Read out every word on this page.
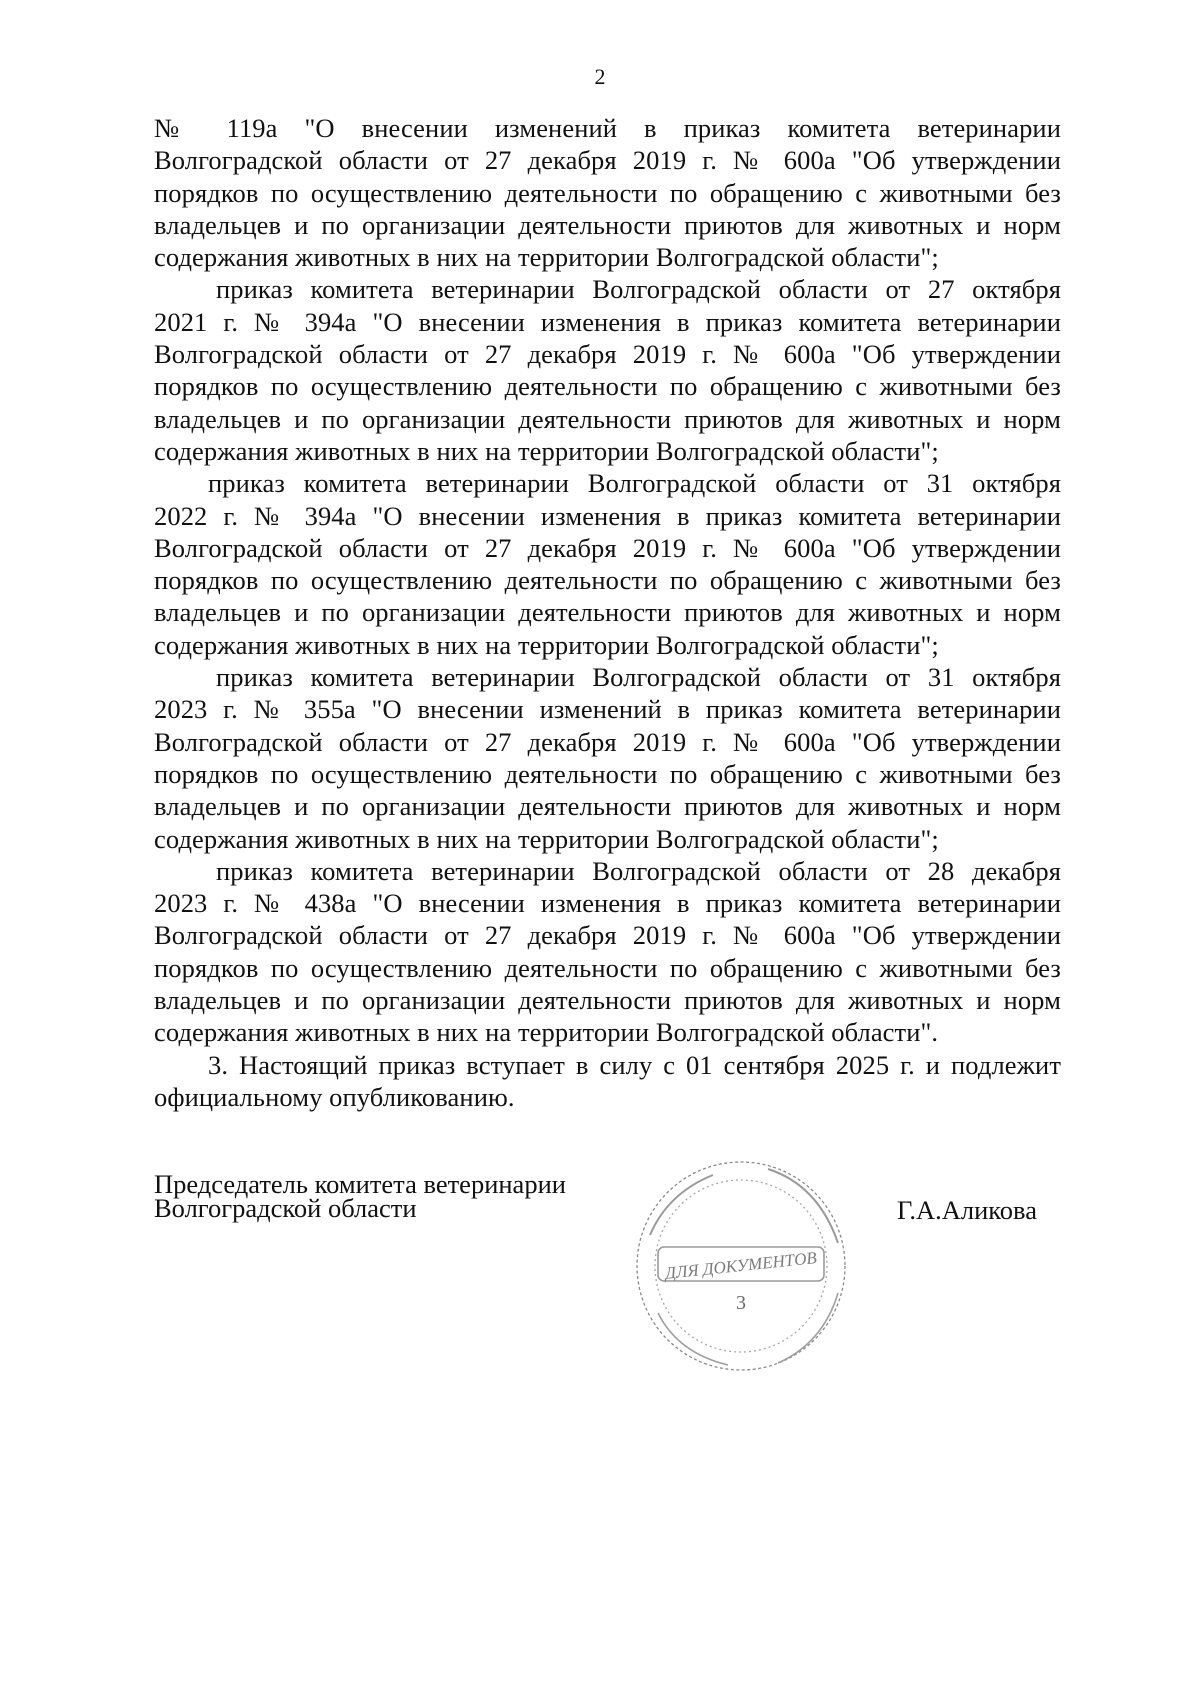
2

№ 119а "О внесении изменений в приказ комитета ветеринарии

Волгоградской области от 27 декабря 2019 г. № 600а "Об утверждении

порядков по осуществлению деятельности по обращению с животными без

владельцев и по организации деятельности приютов для животных и норм

содержания животных в них на территории Волгоградской области";

приказ комитета ветеринарии Волгоградской области от 27 октября

2021 г. № 394а "О внесении изменения в приказ комитета ветеринарии

Волгоградской области от 27 декабря 2019 г. № 600а "Об утверждении

порядков по осуществлению деятельности по обращению с животными без

владельцев и по организации деятельности приютов для животных и норм

содержания животных в них на территории Волгоградской области";

приказ комитета ветеринарии Волгоградской области от 31 октября

2022 г. № 394а "О внесении изменения в приказ комитета ветеринарии

Волгоградской области от 27 декабря 2019 г. № 600а "Об утверждении

порядков по осуществлению деятельности по обращению с животными без

владельцев и по организации деятельности приютов для животных и норм

содержания животных в них на территории Волгоградской области";

приказ комитета ветеринарии Волгоградской области от 31 октября

2023 г. № 355а "О внесении изменений в приказ комитета ветеринарии

Волгоградской области от 27 декабря 2019 г. № 600а "Об утверждении

порядков по осуществлению деятельности по обращению с животными без

владельцев и по организации деятельности приютов для животных и норм

содержания животных в них на территории Волгоградской области";

приказ комитета ветеринарии Волгоградской области от 28 декабря

2023 г. № 438а "О внесении изменения в приказ комитета ветеринарии

Волгоградской области от 27 декабря 2019 г. № 600а "Об утверждении

порядков по осуществлению деятельности по обращению с животными без

владельцев и по организации деятельности приютов для животных и норм

содержания животных в них на территории Волгоградской области".

3. Настоящий приказ вступает в силу с 01 сентября 2025 г. и подлежит

официальному опубликованию.

Председатель комитета ветеринарии
Волгоградской области
ДЛЯ ДОКУМЕНТОВ
3
Г.А.Аликова
